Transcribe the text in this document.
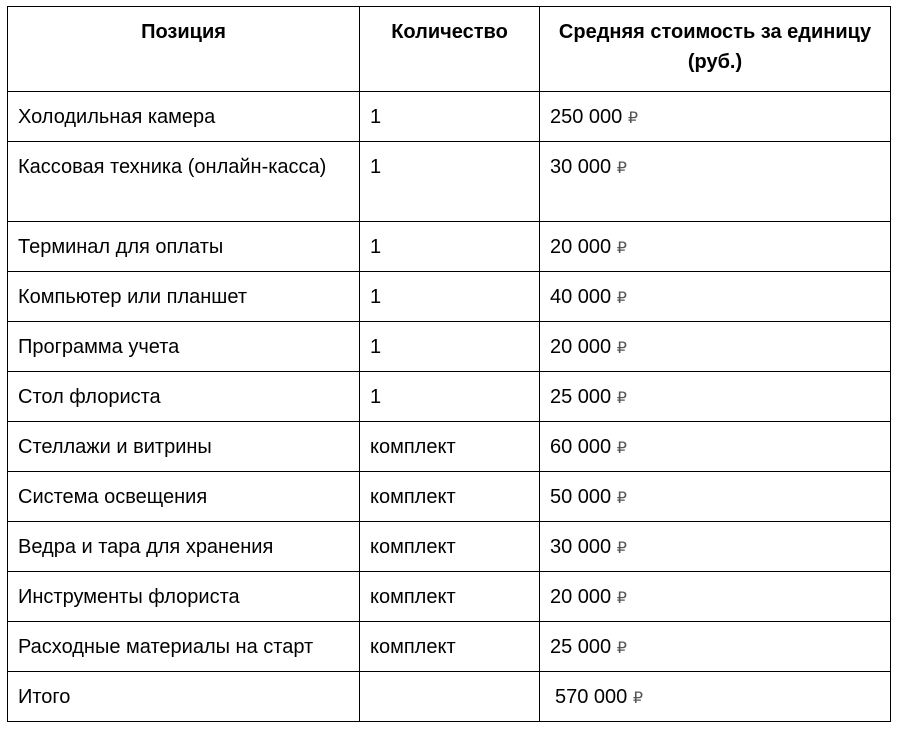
Позиция	Количество	Средняя стоимость за единицу (руб.)
Холодильная камера	1	250 000 ₽
Кассовая техника (онлайн-касса)	1	30 000 ₽
Терминал для оплаты	1	20 000 ₽
Компьютер или планшет	1	40 000 ₽
Программа учета	1	20 000 ₽
Стол флориста	1	25 000 ₽
Стеллажи и витрины	комплект	60 000 ₽
Система освещения	комплект	50 000 ₽
Ведра и тара для хранения	комплект	30 000 ₽
Инструменты флориста	комплект	20 000 ₽
Расходные материалы на старт	комплект	25 000 ₽
Итого		570 000 ₽
